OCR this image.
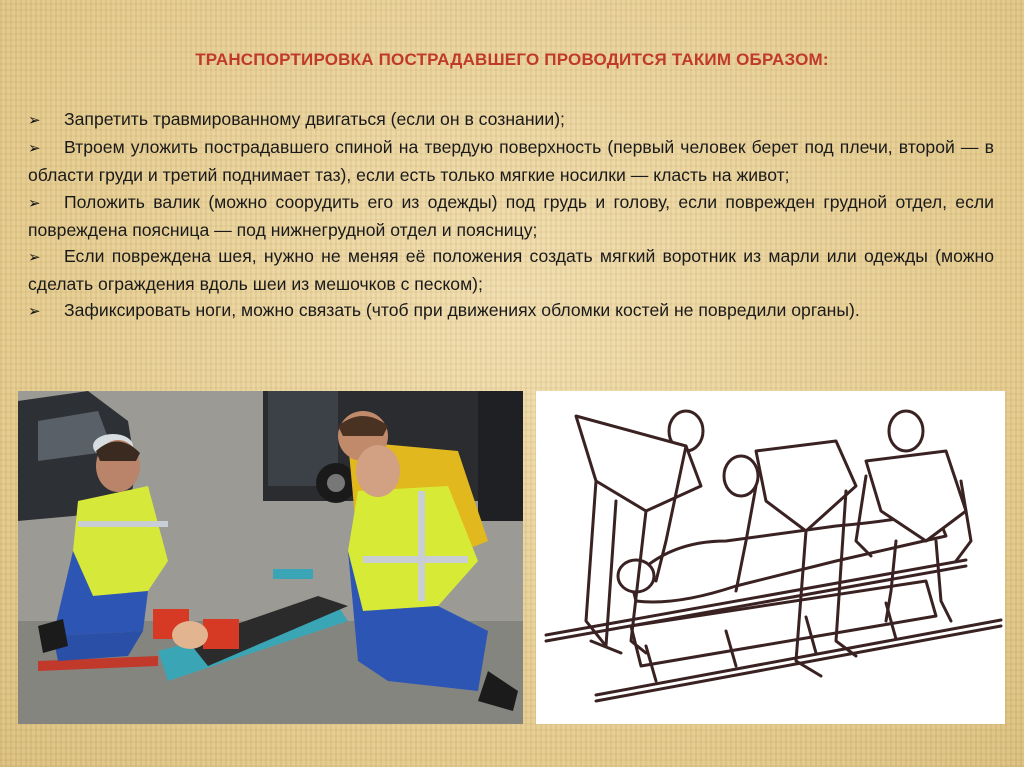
ТРАНСПОРТИРОВКА ПОСТРАДАВШЕГО ПРОВОДИТСЯ ТАКИМ ОБРАЗОМ:
➢ Запретить травмированному двигаться (если он в сознании);
➢ Втроем уложить пострадавшего спиной на твердую поверхность (первый человек берет под плечи, второй — в области груди и третий поднимает таз), если есть только мягкие носилки — класть на живот;
➢ Положить валик (можно соорудить его из одежды) под грудь и голову, если поврежден грудной отдел, если повреждена поясница — под нижнегрудной отдел и поясницу;
➢ Если повреждена шея, нужно не меняя её положения создать мягкий воротник из марли или одежды (можно сделать ограждения вдоль шеи из мешочков с песком);
➢ Зафиксировать ноги, можно связать (чтоб при движениях обломки костей не повредили органы).
